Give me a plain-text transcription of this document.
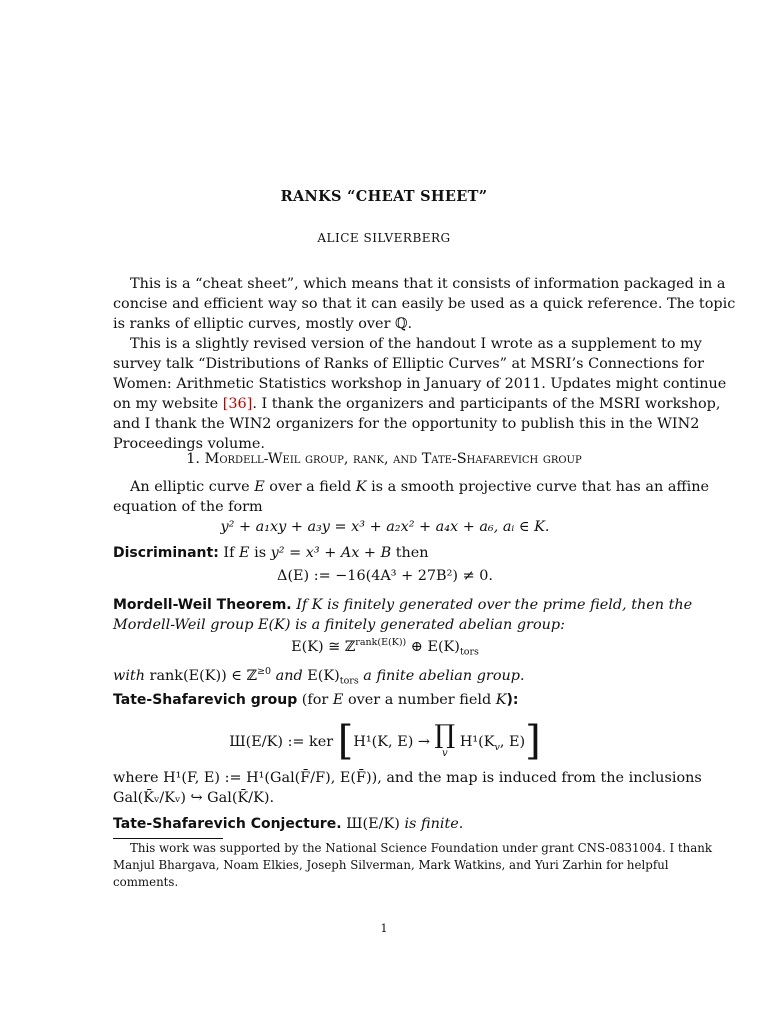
RANKS “CHEAT SHEET”
ALICE SILVERBERG
This is a “cheat sheet”, which means that it consists of information packaged in a
concise and efficient way so that it can easily be used as a quick reference. The topic
is ranks of elliptic curves, mostly over ℚ.
This is a slightly revised version of the handout I wrote as a supplement to my
survey talk “Distributions of Ranks of Elliptic Curves” at MSRI’s Connections for
Women: Arithmetic Statistics workshop in January of 2011. Updates might continue
on my website [36]. I thank the organizers and participants of the MSRI workshop,
and I thank the WIN2 organizers for the opportunity to publish this in the WIN2
Proceedings volume.
1. Mordell-Weil group, rank, and Tate-Shafarevich group
An elliptic curve E over a field K is a smooth projective curve that has an affine
equation of the form
y² + a₁xy + a₃y = x³ + a₂x² + a₄x + a₆, aᵢ ∈ K.
Discriminant: If E is y² = x³ + Ax + B then
Δ(E) := −16(4A³ + 27B²) ≠ 0.
Mordell-Weil Theorem. If K is finitely generated over the prime field, then the
Mordell-Weil group E(K) is a finitely generated abelian group:
E(K) ≅ ℤ$^{rank(E(K))}$ ⊕ $E(K)_{tors}$
with rank(E(K)) ∈ ℤ$^{\ge 0}$ and $E(K)_{tors}$ a finite abelian group.
Tate-Shafarevich group (for E over a number field K):
Ш(E/K) := ker [H¹(K, E) → ∏
v
$H^1(K_v$, E)]
where H¹(F, E) := H¹(Gal(F̄/F), E(F̄)), and the map is induced from the inclusions
Gal(K̄ᵥ/Kᵥ) ↪ Gal(K̄/K).
Tate-Shafarevich Conjecture. Ш(E/K) is finite.
This work was supported by the National Science Foundation under grant CNS-0831004. I thank
Manjul Bhargava, Noam Elkies, Joseph Silverman, Mark Watkins, and Yuri Zarhin for helpful
comments.
1
